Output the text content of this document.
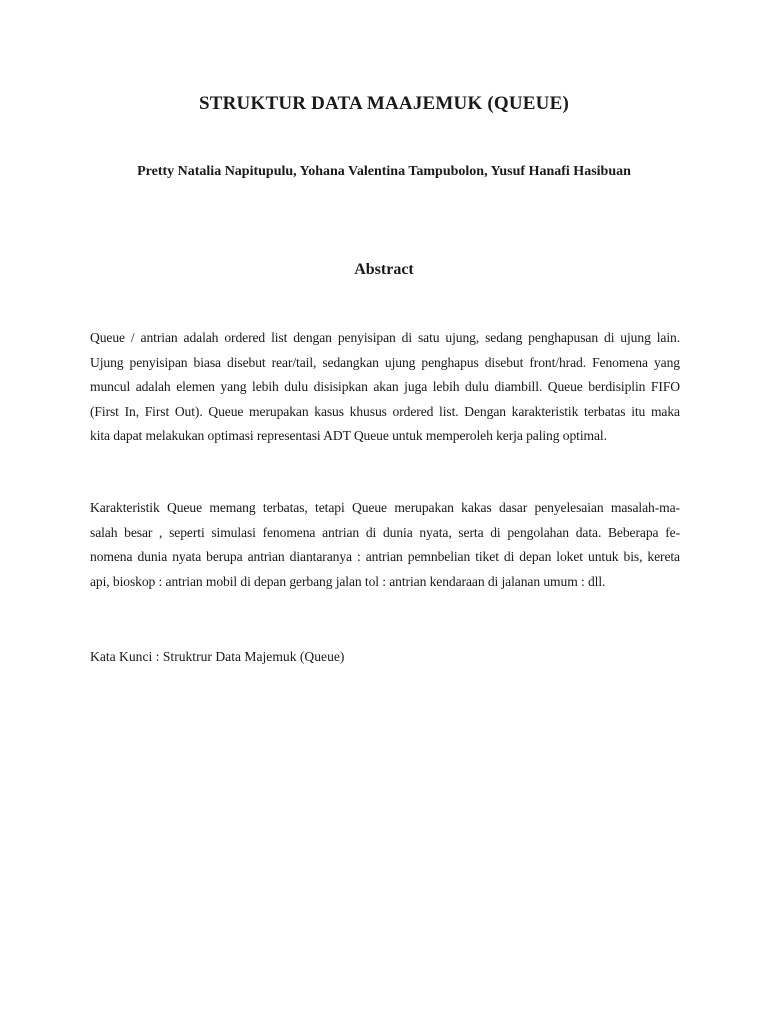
STRUKTUR DATA MAAJEMUK (QUEUE)

Pretty Natalia Napitupulu, Yohana Valentina Tampubolon, Yusuf Hanafi Hasibuan

Abstract

Queue / antrian adalah ordered list dengan penyisipan di satu ujung, sedang penghapusan di ujung lain.
Ujung penyisipan biasa disebut rear/tail, sedangkan ujung penghapus disebut front/hrad. Fenomena yang
muncul adalah elemen yang lebih dulu disisipkan akan juga lebih dulu diambill. Queue berdisiplin FIFO
(First In, First Out). Queue merupakan kasus khusus ordered list. Dengan karakteristik terbatas itu maka
kita dapat melakukan optimasi representasi ADT Queue untuk memperoleh kerja paling optimal.

Karakteristik Queue memang terbatas, tetapi Queue merupakan kakas dasar penyelesaian masalah-ma-
salah besar , seperti simulasi fenomena antrian di dunia nyata, serta di pengolahan data. Beberapa fe-
nomena dunia nyata berupa antrian diantaranya : antrian pemnbelian tiket di depan loket untuk bis, kereta
api, bioskop : antrian mobil di depan gerbang jalan tol : antrian kendaraan di jalanan umum : dll.

Kata Kunci : Struktrur Data Majemuk (Queue)
